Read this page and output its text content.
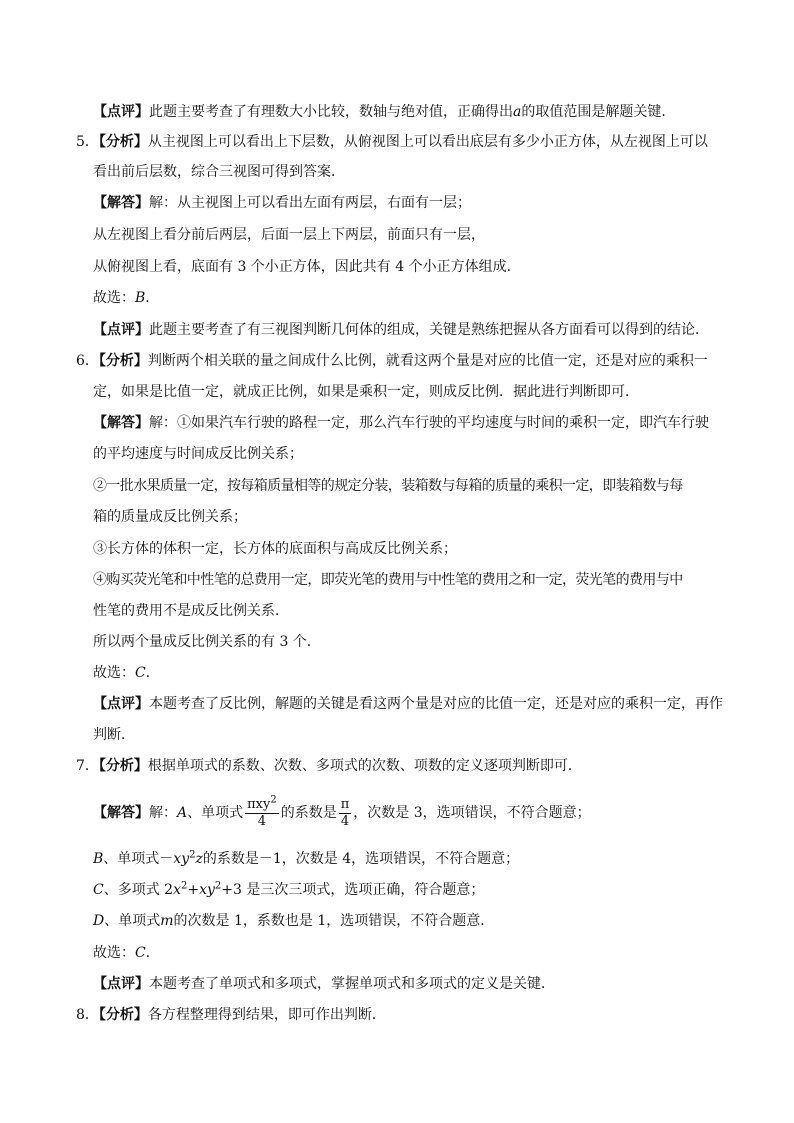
【点评】此题主要考查了有理数大小比较，数轴与绝对值，正确得出a的取值范围是解题关键．
5．【分析】从主视图上可以看出上下层数，从俯视图上可以看出底层有多少小正方体，从左视图上可以
看出前后层数，综合三视图可得到答案．
【解答】解：从主视图上可以看出左面有两层，右面有一层；
从左视图上看分前后两层，后面一层上下两层，前面只有一层，
从俯视图上看，底面有 3 个小正方体，因此共有 4 个小正方体组成．
故选：B．
【点评】此题主要考查了有三视图判断几何体的组成，关键是熟练把握从各方面看可以得到的结论．
6．【分析】判断两个相关联的量之间成什么比例，就看这两个量是对应的比值一定，还是对应的乘积一
定，如果是比值一定，就成正比例，如果是乘积一定，则成反比例．据此进行判断即可．
【解答】解：①如果汽车行驶的路程一定，那么汽车行驶的平均速度与时间的乘积一定，即汽车行驶
的平均速度与时间成反比例关系；
②一批水果质量一定，按每箱质量相等的规定分装，装箱数与每箱的质量的乘积一定，即装箱数与每
箱的质量成反比例关系；
③长方体的体积一定，长方体的底面积与高成反比例关系；
④购买荧光笔和中性笔的总费用一定，即荧光笔的费用与中性笔的费用之和一定，荧光笔的费用与中
性笔的费用不是成反比例关系．
所以两个量成反比例关系的有 3 个．
故选：C．
【点评】本题考查了反比例，解题的关键是看这两个量是对应的比值一定，还是对应的乘积一定，再作
判断．
7．【分析】根据单项式的系数、次数、多项式的次数、项数的定义逐项判断即可．
【解答】解：A、单项式 $\frac{\pi xy^2}{4}$ 的系数是 $\frac{\pi}{4}$ ，次数是 3，选项错误，不符合题意；
B、单项式$-xy^2z$的系数是－1，次数是 4，选项错误，不符合题意；
C、多项式 $2x^2+xy^2+3$ 是三次三项式，选项正确，符合题意；
D、单项式m的次数是 1，系数也是 1，选项错误，不符合题意．
故选：C．
【点评】本题考查了单项式和多项式，掌握单项式和多项式的定义是关键．
8．【分析】各方程整理得到结果，即可作出判断．
